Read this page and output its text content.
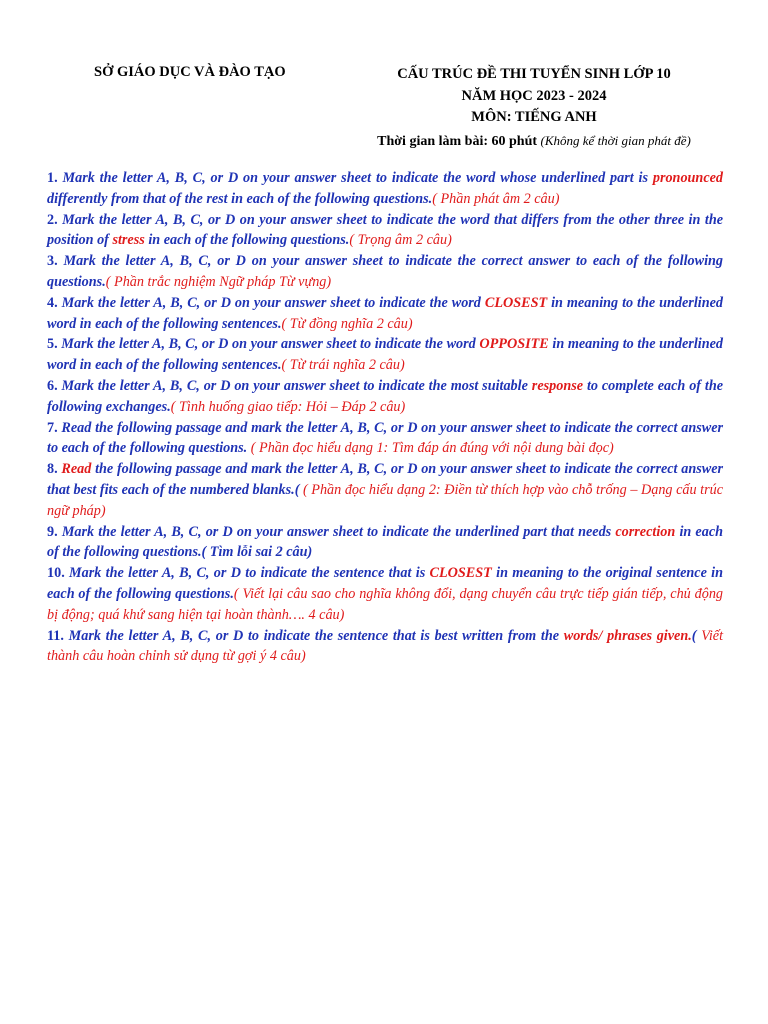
SỞ GIÁO DỤC VÀ ĐÀO TẠO	CẤU TRÚC ĐỀ THI TUYỂN SINH LỚP 10
NĂM HỌC 2023 - 2024
MÔN: TIẾNG ANH
Thời gian làm bài: 60 phút (Không kể thời gian phát đề)
1. Mark the letter A, B, C, or D on your answer sheet to indicate the word whose underlined part is pronounced differently from that of the rest in each of the following questions.( Phần phát âm 2 câu)
2. Mark the letter A, B, C, or D on your answer sheet to indicate the word that differs from the other three in the position of stress in each of the following questions.( Trọng âm 2 câu)
3. Mark the letter A, B, C, or D on your answer sheet to indicate the correct answer to each of the following questions.( Phần trắc nghiệm Ngữ pháp Từ vựng)
4. Mark the letter A, B, C, or D on your answer sheet to indicate the word CLOSEST in meaning to the underlined word in each of the following sentences.( Từ đồng nghĩa 2 câu)
5. Mark the letter A, B, C, or D on your answer sheet to indicate the word OPPOSITE in meaning to the underlined word in each of the following sentences.( Từ trái nghĩa 2 câu)
6. Mark the letter A, B, C, or D on your answer sheet to indicate the most suitable response to complete each of the following exchanges.( Tình huống giao tiếp: Hỏi – Đáp 2 câu)
7. Read the following passage and mark the letter A, B, C, or D on your answer sheet to indicate the correct answer to each of the following questions. ( Phần đọc hiểu dạng 1: Tìm đáp án đúng với nội dung bài đọc)
8. Read the following passage and mark the letter A, B, C, or D on your answer sheet to indicate the correct answer that best fits each of the numbered blanks.( ( Phần đọc hiểu dạng 2: Điền từ thích hợp vào chỗ trống – Dạng cấu trúc ngữ pháp)
9. Mark the letter A, B, C, or D on your answer sheet to indicate the underlined part that needs correction in each of the following questions.( Tìm lỗi sai 2 câu)
10. Mark the letter A, B, C, or D to indicate the sentence that is CLOSEST in meaning to the original sentence in each of the following questions.( Viết lại câu sao cho nghĩa không đổi, dạng chuyển câu trực tiếp gián tiếp, chủ động bị động; quá khứ sang hiện tại hoàn thành…. 4 câu)
11. Mark the letter A, B, C, or D to indicate the sentence that is best written from the words/ phrases given.( Viết thành câu hoàn chỉnh sử dụng từ gợi ý 4 câu)
